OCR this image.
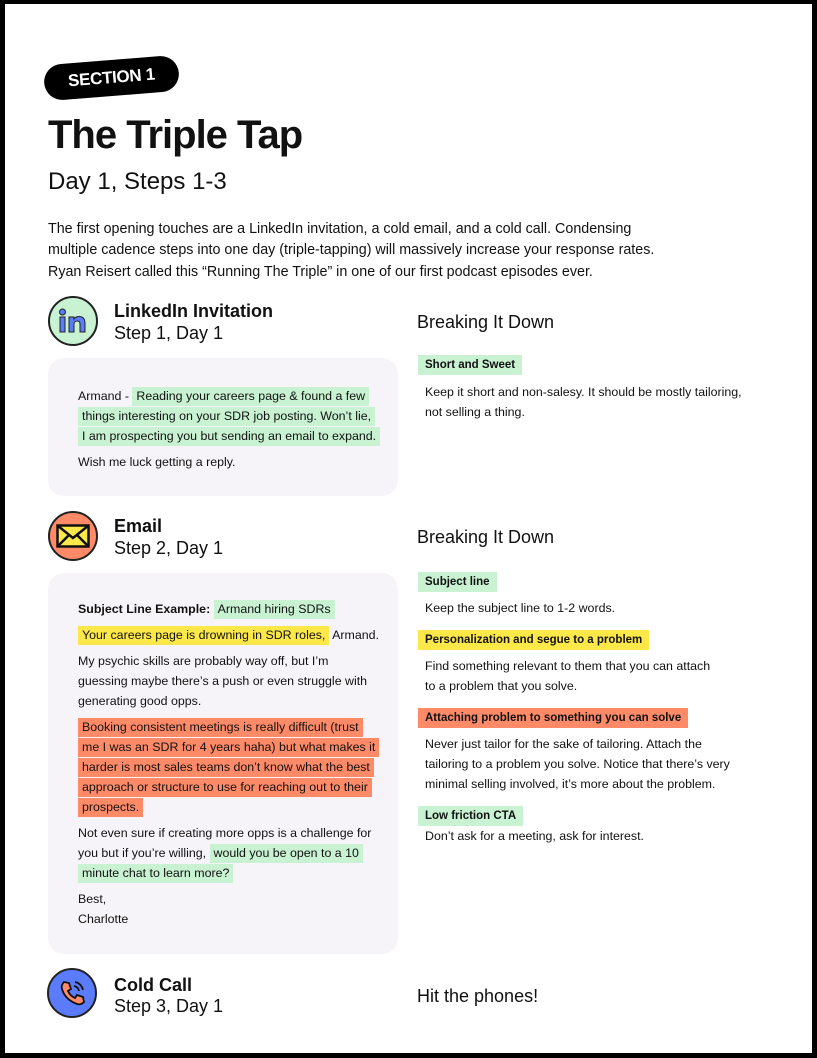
SECTION 1
The Triple Tap
Day 1, Steps 1-3
The first opening touches are a LinkedIn invitation, a cold email, and a cold call. Condensing
multiple cadence steps into one day (triple-tapping) will massively increase your response rates.
Ryan Reisert called this “Running The Triple” in one of our first podcast episodes ever.
LinkedIn Invitation
Step 1, Day 1
Breaking It Down
Armand - Reading your careers page & found a few
things interesting on your SDR job posting. Won’t lie,
I am prospecting you but sending an email to expand.
Wish me luck getting a reply.
Short and Sweet
Keep it short and non-salesy. It should be mostly tailoring,
not selling a thing.
Email
Step 2, Day 1
Breaking It Down
Subject Line Example: Armand hiring SDRs
Your careers page is drowning in SDR roles, Armand.
My psychic skills are probably way off, but I’m
guessing maybe there’s a push or even struggle with
generating good opps.
Booking consistent meetings is really difficult (trust
me I was an SDR for 4 years haha) but what makes it
harder is most sales teams don’t know what the best
approach or structure to use for reaching out to their
prospects.
Not even sure if creating more opps is a challenge for
you but if you’re willing, would you be open to a 10
minute chat to learn more?
Best,
Charlotte
Subject line
Keep the subject line to 1-2 words.
Personalization and segue to a problem
Find something relevant to them that you can attach
to a problem that you solve.
Attaching problem to something you can solve
Never just tailor for the sake of tailoring. Attach the
tailoring to a problem you solve. Notice that there’s very
minimal selling involved, it’s more about the problem.
Low friction CTA
Don’t ask for a meeting, ask for interest.
Cold Call
Step 3, Day 1	Hit the phones!
